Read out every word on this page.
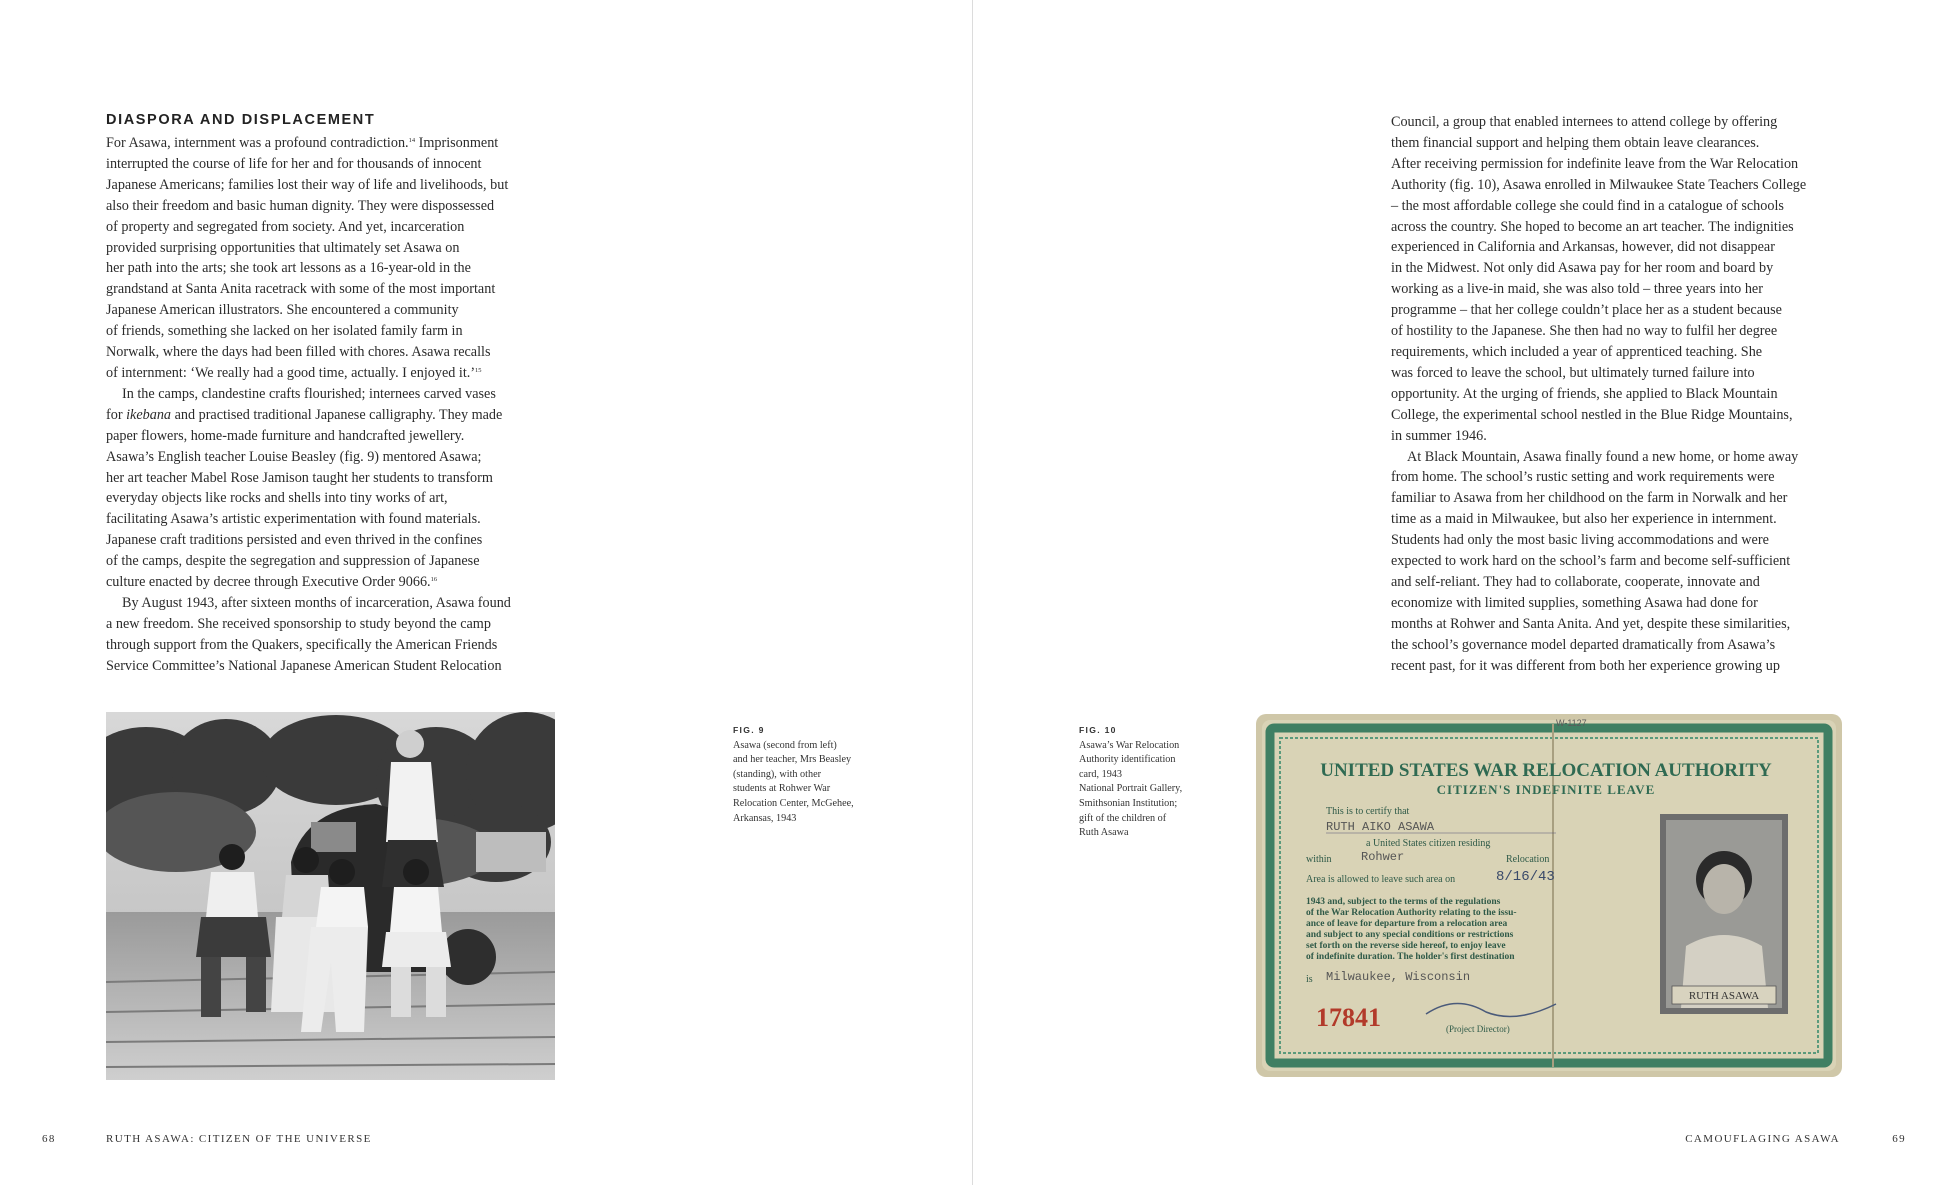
DIASPORA AND DISPLACEMENT
For Asawa, internment was a profound contradiction.$^{14}$ Imprisonment
interrupted the course of life for her and for thousands of innocent
Japanese Americans; families lost their way of life and livelihoods, but
also their freedom and basic human dignity. They were dispossessed
of property and segregated from society. And yet, incarceration
provided surprising opportunities that ultimately set Asawa on
her path into the arts; she took art lessons as a 16-year-old in the
grandstand at Santa Anita racetrack with some of the most important
Japanese American illustrators. She encountered a community
of friends, something she lacked on her isolated family farm in
Norwalk, where the days had been filled with chores. Asawa recalls
of internment: ‘We really had a good time, actually. I enjoyed it.’$^{15}$
In the camps, clandestine crafts flourished; internees carved vases
for ikebana and practised traditional Japanese calligraphy. They made
paper flowers, home-made furniture and handcrafted jewellery.
Asawa’s English teacher Louise Beasley (fig. 9) mentored Asawa;
her art teacher Mabel Rose Jamison taught her students to transform
everyday objects like rocks and shells into tiny works of art,
facilitating Asawa’s artistic experimentation with found materials.
Japanese craft traditions persisted and even thrived in the confines
of the camps, despite the segregation and suppression of Japanese
culture enacted by decree through Executive Order 9066.16
By August 1943, after sixteen months of incarceration, Asawa found
a new freedom. She received sponsorship to study beyond the camp
through support from the Quakers, specifically the American Friends
Service Committee’s National Japanese American Student Relocation
Council, a group that enabled internees to attend college by offering
them financial support and helping them obtain leave clearances.
After receiving permission for indefinite leave from the War Relocation
Authority (fig. 10), Asawa enrolled in Milwaukee State Teachers College
– the most affordable college she could find in a catalogue of schools
across the country. She hoped to become an art teacher. The indignities
experienced in California and Arkansas, however, did not disappear
in the Midwest. Not only did Asawa pay for her room and board by
working as a live-in maid, she was also told – three years into her
programme – that her college couldn’t place her as a student because
of hostility to the Japanese. She then had no way to fulfil her degree
requirements, which included a year of apprenticed teaching. She
was forced to leave the school, but ultimately turned failure into
opportunity. At the urging of friends, she applied to Black Mountain
College, the experimental school nestled in the Blue Ridge Mountains,
in summer 1946.
At Black Mountain, Asawa finally found a new home, or home away
from home. The school’s rustic setting and work requirements were
familiar to Asawa from her childhood on the farm in Norwalk and her
time as a maid in Milwaukee, but also her experience in internment.
Students had only the most basic living accommodations and were
expected to work hard on the school’s farm and become self-sufficient
and self-reliant. They had to collaborate, cooperate, innovate and
economize with limited supplies, something Asawa had done for
months at Rohwer and Santa Anita. And yet, despite these similarities,
the school’s governance model departed dramatically from Asawa’s
recent past, for it was different from both her experience growing up
FIG. 9
Asawa (second from left)
and her teacher, Mrs Beasley
(standing), with other
students at Rohwer War
Relocation Center, McGehee,
Arkansas, 1943
FIG. 10
Asawa’s War Relocation
Authority identification
card, 1943
National Portrait Gallery,
Smithsonian Institution;
gift of the children of
Ruth Asawa
W-1127
UNITED STATES WAR RELOCATION AUTHORITY
CITIZEN'S INDEFINITE LEAVE
This is to certify that
RUTH AIKO ASAWA
a United States citizen residing
within Rohwer	Relocation
Area is allowed to leave such area on	8/16/43
1943 and, subject to the terms of the regulations
of the War Relocation Authority relating to the issu-
ance of leave for departure from a relocation area
and subject to any special conditions or restrictions
set forth on the reverse side hereof, to enjoy leave
of indefinite duration. The holder's first destination
is Milwaukee, Wisconsin
17841	(Project Director)
RUTH ASAWA
68	RUTH ASAWA: CITIZEN OF THE UNIVERSE	CAMOUFLAGING ASAWA	69
